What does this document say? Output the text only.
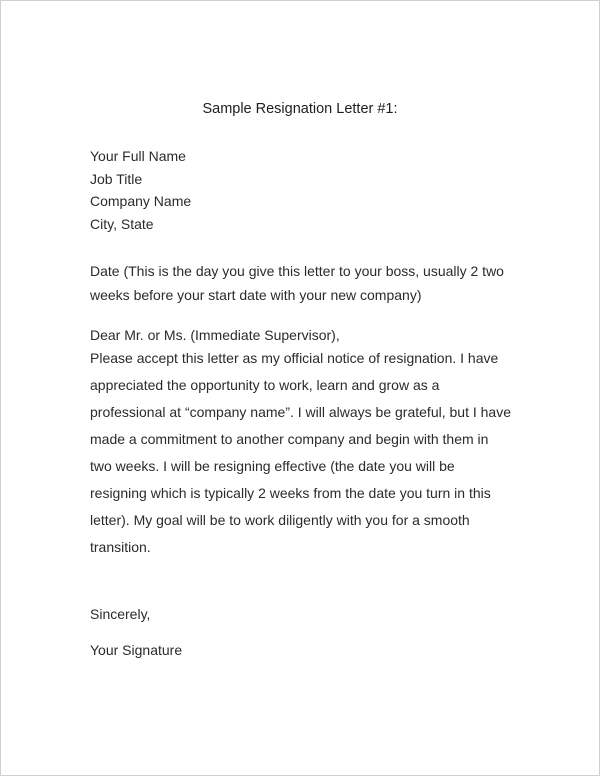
Sample Resignation Letter #1:
Your Full Name
Job Title
Company Name
City, State
Date (This is the day you give this letter to your boss, usually 2 two
weeks before your start date with your new company)
Dear Mr. or Ms. (Immediate Supervisor),
Please accept this letter as my official notice of resignation. I have
appreciated the opportunity to work, learn and grow as a
professional at “company name”. I will always be grateful, but I have
made a commitment to another company and begin with them in
two weeks. I will be resigning effective (the date you will be
resigning which is typically 2 weeks from the date you turn in this
letter). My goal will be to work diligently with you for a smooth
transition.
Sincerely,
Your Signature
